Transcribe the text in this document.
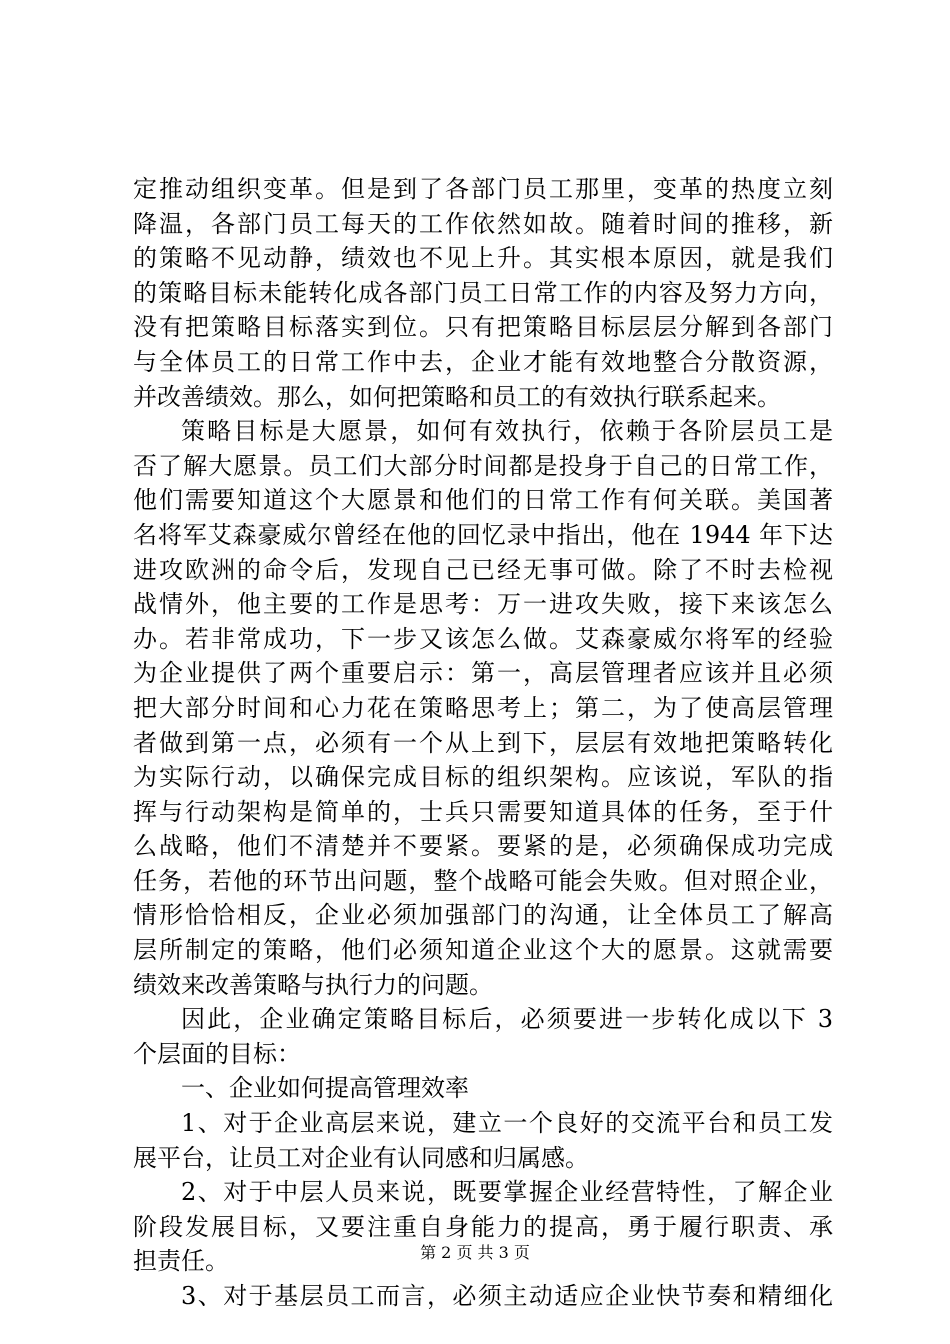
定推动组织变革。但是到了各部门员工那里，变革的热度立刻
降温，各部门员工每天的工作依然如故。随着时间的推移，新
的策略不见动静，绩效也不见上升。其实根本原因，就是我们
的策略目标未能转化成各部门员工日常工作的内容及努力方向，
没有把策略目标落实到位。只有把策略目标层层分解到各部门
与全体员工的日常工作中去，企业才能有效地整合分散资源，
并改善绩效。那么，如何把策略和员工的有效执行联系起来。
策略目标是大愿景，如何有效执行，依赖于各阶层员工是
否了解大愿景。员工们大部分时间都是投身于自己的日常工作，
他们需要知道这个大愿景和他们的日常工作有何关联。美国著
名将军艾森豪威尔曾经在他的回忆录中指出，他在 1944 年下达
进攻欧洲的命令后，发现自己已经无事可做。除了不时去检视
战情外，他主要的工作是思考：万一进攻失败，接下来该怎么
办。若非常成功，下一步又该怎么做。艾森豪威尔将军的经验
为企业提供了两个重要启示：第一，高层管理者应该并且必须
把大部分时间和心力花在策略思考上；第二，为了使高层管理
者做到第一点，必须有一个从上到下，层层有效地把策略转化
为实际行动，以确保完成目标的组织架构。应该说，军队的指
挥与行动架构是简单的，士兵只需要知道具体的任务，至于什
么战略，他们不清楚并不要紧。要紧的是，必须确保成功完成
任务，若他的环节出问题，整个战略可能会失败。但对照企业，
情形恰恰相反，企业必须加强部门的沟通，让全体员工了解高
层所制定的策略，他们必须知道企业这个大的愿景。这就需要
绩效来改善策略与执行力的问题。
因此，企业确定策略目标后，必须要进一步转化成以下 3
个层面的目标：
一、企业如何提高管理效率
1、对于企业高层来说，建立一个良好的交流平台和员工发
展平台，让员工对企业有认同感和归属感。
2、对于中层人员来说，既要掌握企业经营特性，了解企业
阶段发展目标，又要注重自身能力的提高，勇于履行职责、承
担责任。
3、对于基层员工而言，必须主动适应企业快节奏和精细化
第 2 页 共 3 页
